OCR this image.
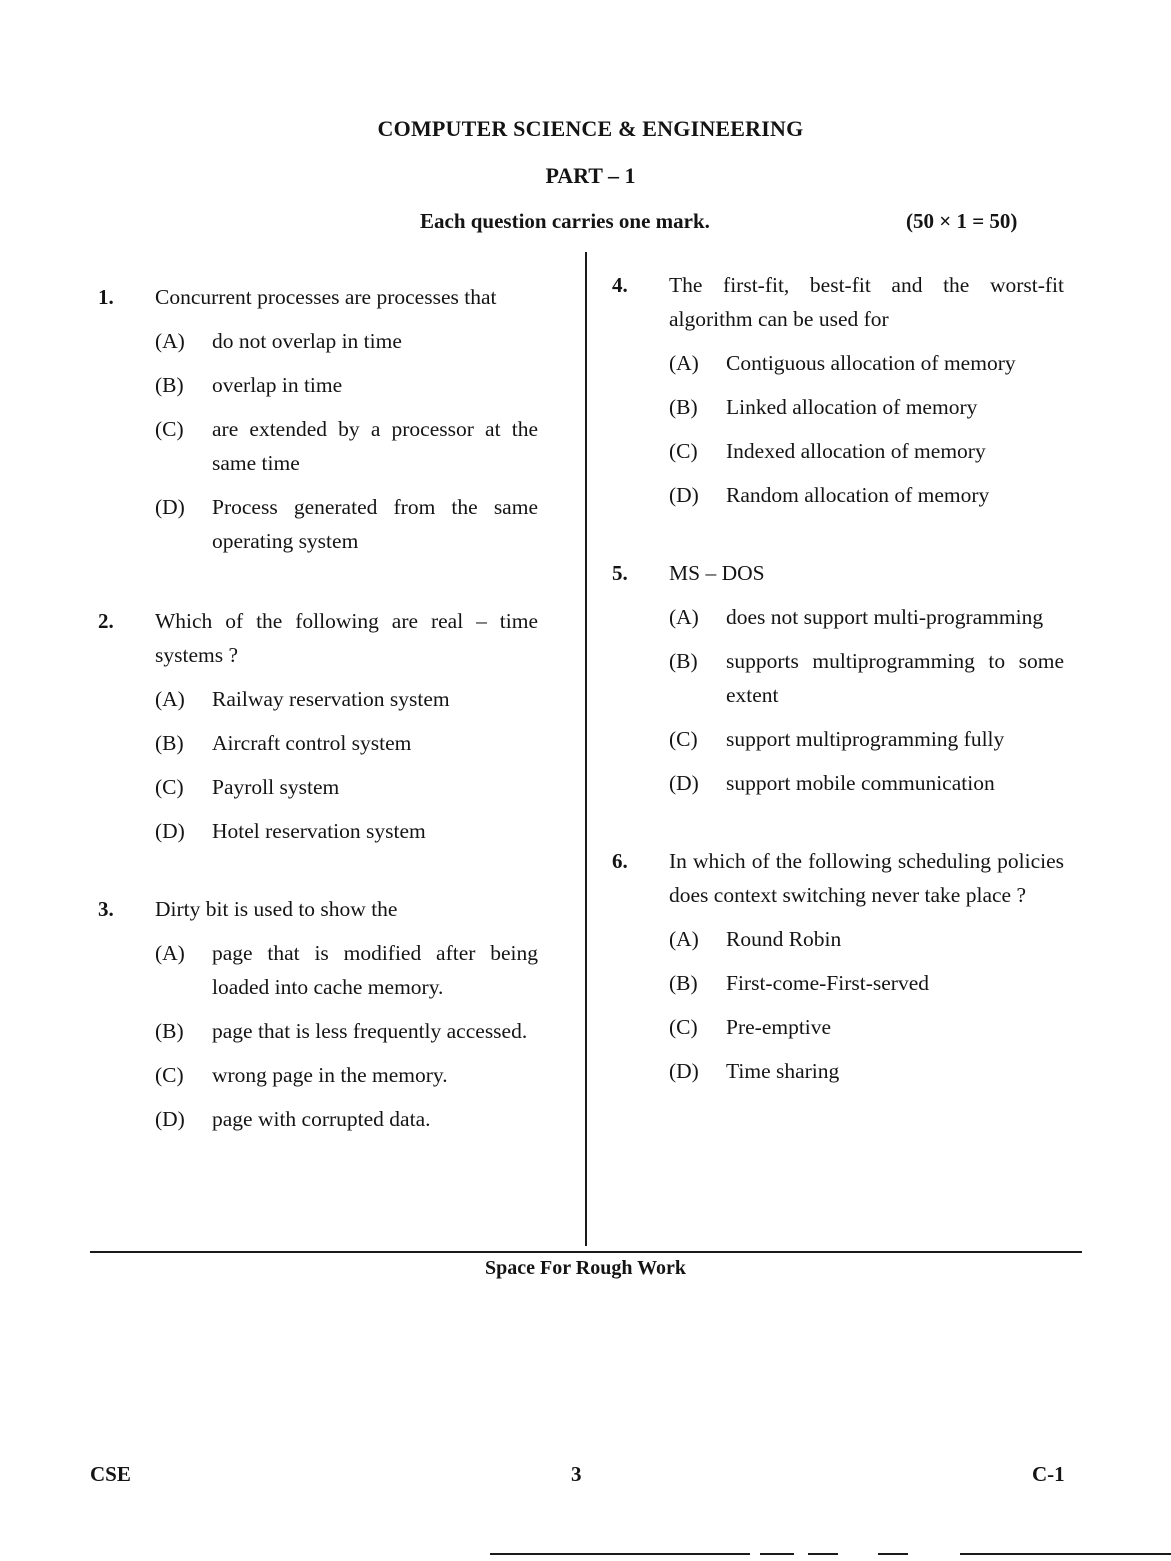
COMPUTER SCIENCE & ENGINEERING
PART – 1
Each question carries one mark.	(50 × 1 = 50)
1. Concurrent processes are processes that
(A) do not overlap in time
(B) overlap in time
(C) are extended by a processor at the same time
(D) Process generated from the same operating system
2. Which of the following are real – time systems ?
(A) Railway reservation system
(B) Aircraft control system
(C) Payroll system
(D) Hotel reservation system
3. Dirty bit is used to show the
(A) page that is modified after being loaded into cache memory.
(B) page that is less frequently accessed.
(C) wrong page in the memory.
(D) page with corrupted data.
4. The first-fit, best-fit and the worst-fit algorithm can be used for
(A) Contiguous allocation of memory
(B) Linked allocation of memory
(C) Indexed allocation of memory
(D) Random allocation of memory
5. MS – DOS
(A) does not support multi-programming
(B) supports multiprogramming to some extent
(C) support multiprogramming fully
(D) support mobile communication
6. In which of the following scheduling policies does context switching never take place ?
(A) Round Robin
(B) First-come-First-served
(C) Pre-emptive
(D) Time sharing
Space For Rough Work
CSE	3	C-1
